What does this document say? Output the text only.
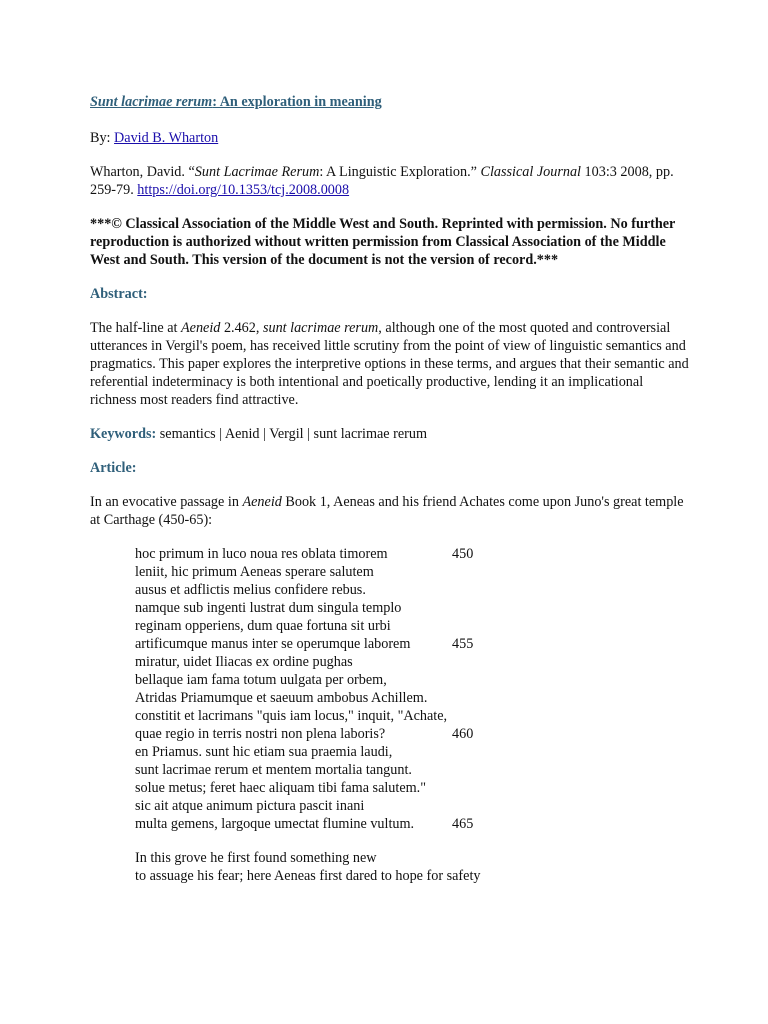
Sunt lacrimae rerum: An exploration in meaning

By: David B. Wharton

Wharton, David. “Sunt Lacrimae Rerum: A Linguistic Exploration.” Classical Journal 103:3 2008, pp. 259-79. https://doi.org/10.1353/tcj.2008.0008

***© Classical Association of the Middle West and South. Reprinted with permission. No further reproduction is authorized without written permission from Classical Association of the Middle West and South. This version of the document is not the version of record.***

Abstract:

The half-line at Aeneid 2.462, sunt lacrimae rerum, although one of the most quoted and controversial utterances in Vergil's poem, has received little scrutiny from the point of view of linguistic semantics and pragmatics. This paper explores the interpretive options in these terms, and argues that their semantic and referential indeterminacy is both intentional and poetically productive, lending it an implicational richness most readers find attractive.

Keywords: semantics | Aenid | Vergil | sunt lacrimae rerum

Article:

In an evocative passage in Aeneid Book 1, Aeneas and his friend Achates come upon Juno's great temple at Carthage (450-65):

hoc primum in luco noua res oblata timorem	450
leniit, hic primum Aeneas sperare salutem
ausus et adflictis melius confidere rebus.
namque sub ingenti lustrat dum singula templo
reginam opperiens, dum quae fortuna sit urbi
artificumque manus inter se operumque laborem	455
miratur, uidet Iliacas ex ordine pughas
bellaque iam fama totum uulgata per orbem,
Atridas Priamumque et saeuum ambobus Achillem.
constitit et lacrimans "quis iam locus," inquit, "Achate,
quae regio in terris nostri non plena laboris?	460
en Priamus. sunt hic etiam sua praemia laudi,
sunt lacrimae rerum et mentem mortalia tangunt.
solue metus; feret haec aliquam tibi fama salutem."
sic ait atque animum pictura pascit inani
multa gemens, largoque umectat flumine vultum.	465
In this grove he first found something new
to assuage his fear; here Aeneas first dared to hope for safety
